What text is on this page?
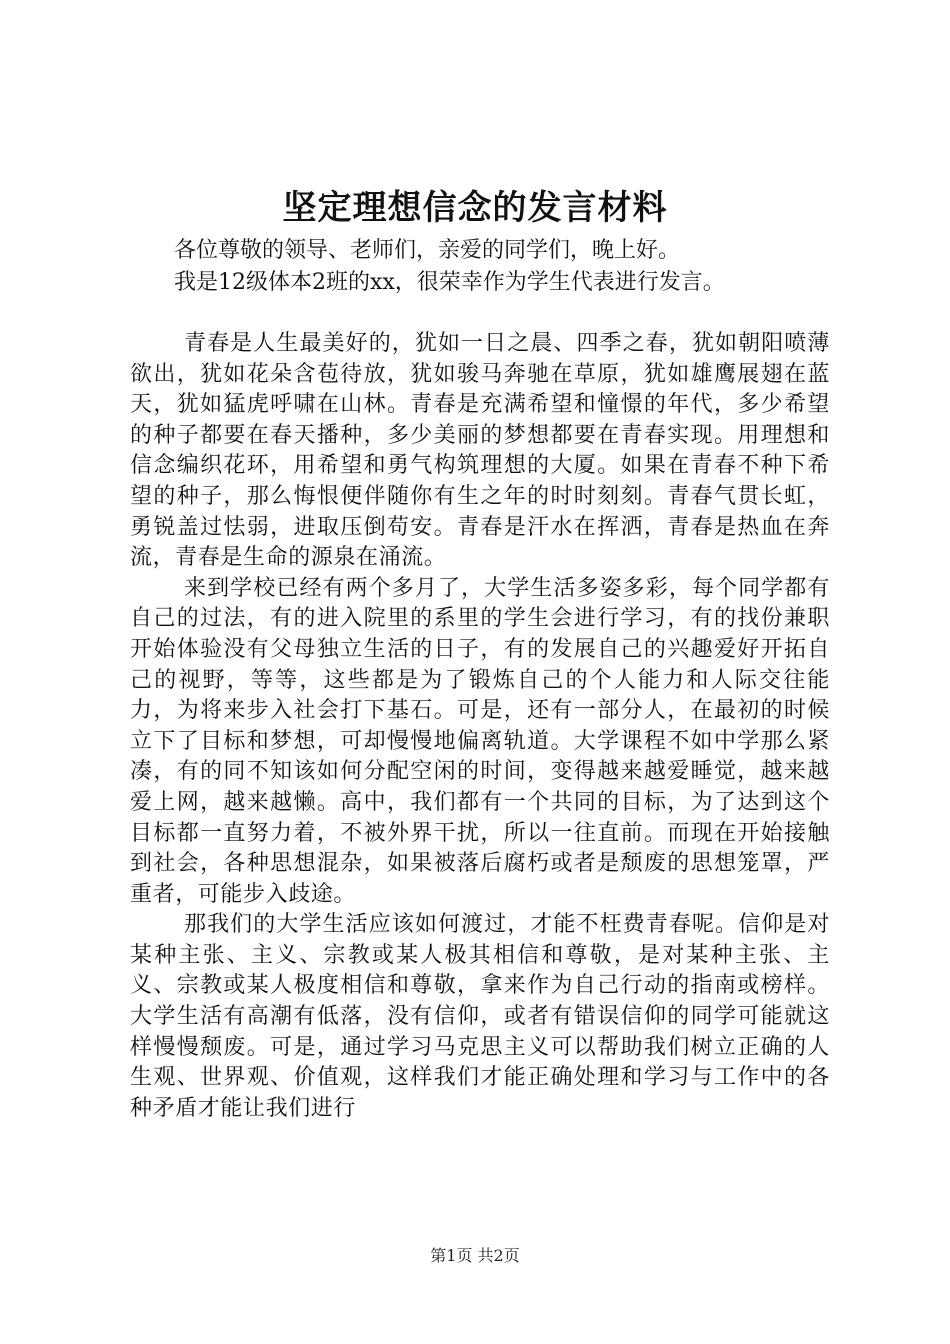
坚定理想信念的发言材料

各位尊敬的领导、老师们，亲爱的同学们，晚上好。

我是12级体本2班的xx，很荣幸作为学生代表进行发言。

青春是人生最美好的，犹如一日之晨、四季之春，犹如朝阳喷薄欲出，犹如花朵含苞待放，犹如骏马奔驰在草原，犹如雄鹰展翅在蓝天，犹如猛虎呼啸在山林。青春是充满希望和憧憬的年代，多少希望的种子都要在春天播种，多少美丽的梦想都要在青春实现。用理想和信念编织花环，用希望和勇气构筑理想的大厦。如果在青春不种下希望的种子，那么悔恨便伴随你有生之年的时时刻刻。青春气贯长虹，勇锐盖过怯弱，进取压倒苟安。青春是汗水在挥洒，青春是热血在奔流，青春是生命的源泉在涌流。

来到学校已经有两个多月了，大学生活多姿多彩，每个同学都有自己的过法，有的进入院里的系里的学生会进行学习，有的找份兼职开始体验没有父母独立生活的日子，有的发展自己的兴趣爱好开拓自己的视野，等等，这些都是为了锻炼自己的个人能力和人际交往能力，为将来步入社会打下基石。可是，还有一部分人，在最初的时候立下了目标和梦想，可却慢慢地偏离轨道。大学课程不如中学那么紧凑，有的同不知该如何分配空闲的时间，变得越来越爱睡觉，越来越爱上网，越来越懒。高中，我们都有一个共同的目标，为了达到这个目标都一直努力着，不被外界干扰，所以一往直前。而现在开始接触到社会，各种思想混杂，如果被落后腐朽或者是颓废的思想笼罩，严重者，可能步入歧途。

那我们的大学生活应该如何渡过，才能不枉费青春呢。信仰是对某种主张、主义、宗教或某人极其相信和尊敬，是对某种主张、主义、宗教或某人极度相信和尊敬，拿来作为自己行动的指南或榜样。大学生活有高潮有低落，没有信仰，或者有错误信仰的同学可能就这样慢慢颓废。可是，通过学习马克思主义可以帮助我们树立正确的人生观、世界观、价值观，这样我们才能正确处理和学习与工作中的各种矛盾才能让我们进行

第1页 共2页
